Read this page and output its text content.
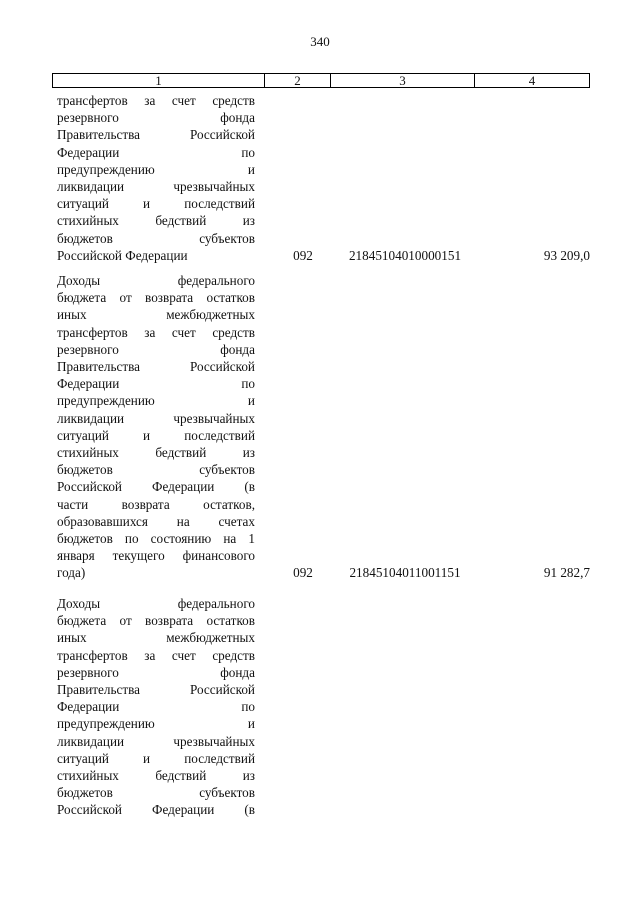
340
1	2	3	4
трансфертов за счет средств
резервного фонда
Правительства Российской
Федерации по
предупреждению и
ликвидации чрезвычайных
ситуаций и последствий
стихийных бедствий из
бюджетов субъектов
Российской Федерации	092	21845104010000151	93 209,0
Доходы федерального
бюджета от возврата остатков
иных межбюджетных
трансфертов за счет средств
резервного фонда
Правительства Российской
Федерации по
предупреждению и
ликвидации чрезвычайных
ситуаций и последствий
стихийных бедствий из
бюджетов субъектов
Российской Федерации (в
части возврата остатков,
образовавшихся на счетах
бюджетов по состоянию на 1
января текущего финансового
года)	092	21845104011001151	91 282,7
Доходы федерального
бюджета от возврата остатков
иных межбюджетных
трансфертов за счет средств
резервного фонда
Правительства Российской
Федерации по
предупреждению и
ликвидации чрезвычайных
ситуаций и последствий
стихийных бедствий из
бюджетов субъектов
Российской Федерации (в
